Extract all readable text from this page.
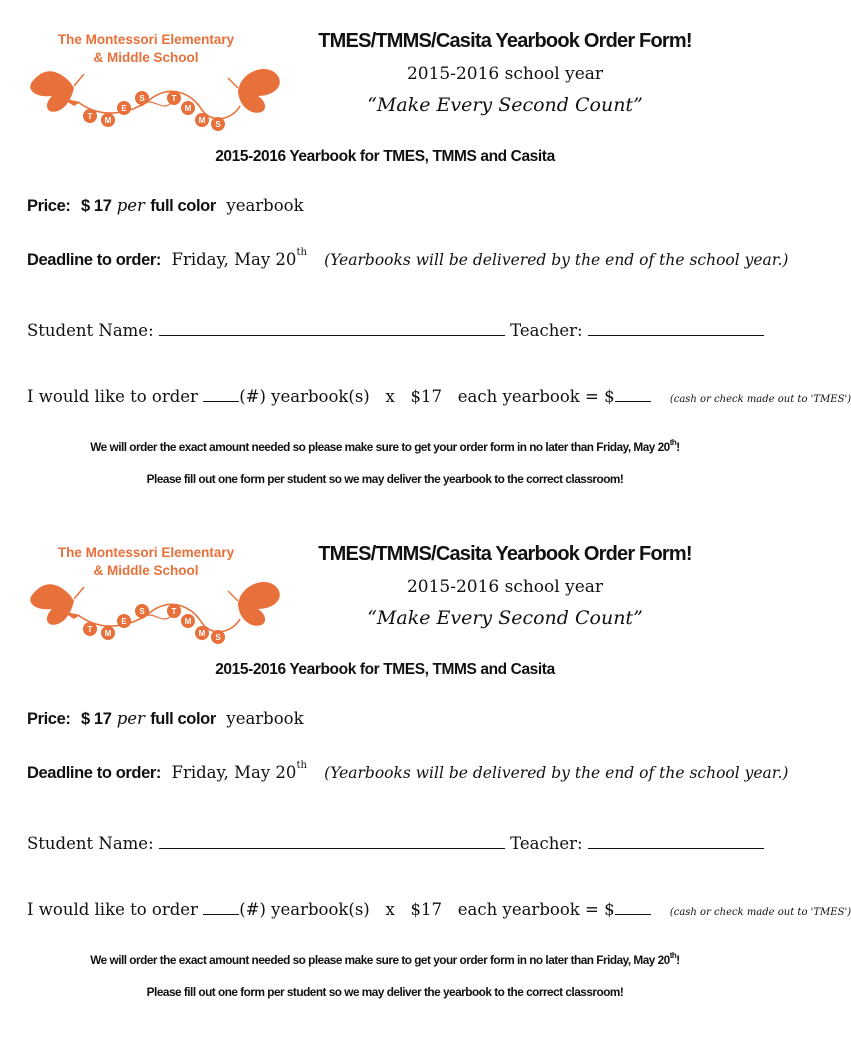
T M
E
S	T
M
M S
The Montessori Elementary
& Middle School
TMES/TMMS/Casita Yearbook Order Form!
2015-2016 school year
“Make Every Second Count”
2015-2016 Yearbook for TMES, TMMS and Casita
Price: $ 17 per full color yearbook
Deadline to order: Friday, May 20th (Yearbooks will be delivered by the end of the school year.)
Student Name:	Teacher:
I would like to order	(#) yearbook(s) x $17 each yearbook = $	(cash or check made out to 'TMES')
We will order the exact amount needed so please make sure to get your order form in no later than Friday, May 20th!
Please fill out one form per student so we may deliver the yearbook to the correct classroom!
T M
E
S	T
M
M S
The Montessori Elementary
& Middle School
TMES/TMMS/Casita Yearbook Order Form!
2015-2016 school year
“Make Every Second Count”
2015-2016 Yearbook for TMES, TMMS and Casita
Price: $ 17 per full color yearbook
Deadline to order: Friday, May 20th (Yearbooks will be delivered by the end of the school year.)
Student Name:	Teacher:
I would like to order	(#) yearbook(s) x $17 each yearbook = $	(cash or check made out to 'TMES')
We will order the exact amount needed so please make sure to get your order form in no later than Friday, May 20th!
Please fill out one form per student so we may deliver the yearbook to the correct classroom!
